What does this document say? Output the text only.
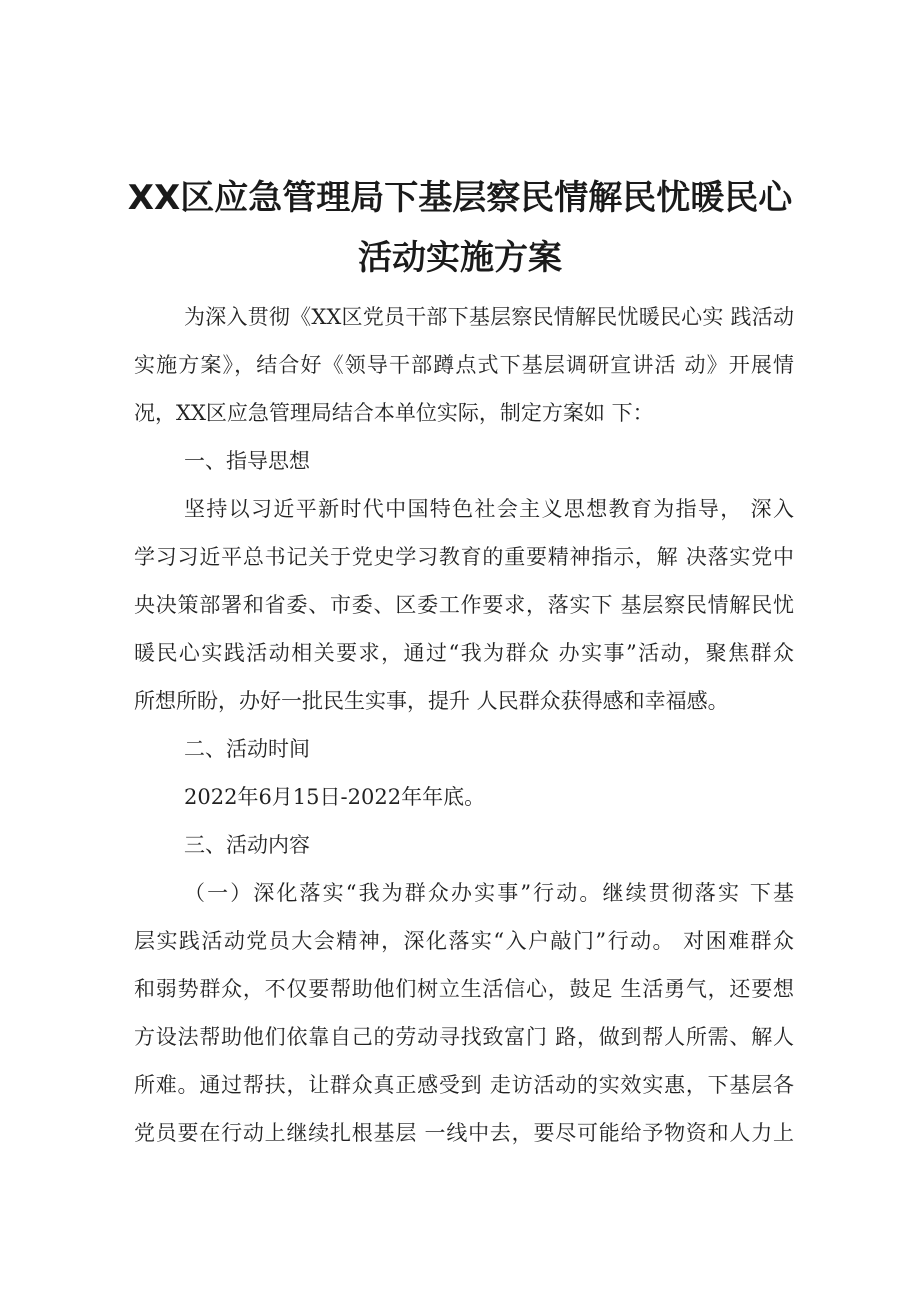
XX区应急管理局下基层察民情解民忧暖民心
活动实施方案
为深入贯彻《XX区党员干部下基层察民情解民忧暖民心实 践活动
实施方案》，结合好《领导干部蹲点式下基层调研宣讲活 动》开展情
况，XX区应急管理局结合本单位实际，制定方案如 下：
一、指导思想
坚持以习近平新时代中国特色社会主义思想教育为指导， 深入
学习习近平总书记关于党史学习教育的重要精神指示，解 决落实党中
央决策部署和省委、市委、区委工作要求，落实下 基层察民情解民忧
暖民心实践活动相关要求，通过“我为群众 办实事”活动，聚焦群众
所想所盼，办好一批民生实事，提升 人民群众获得感和幸福感。
二、活动时间
2022年6月15日-2022年年底。
三、活动内容
（一）深化落实“我为群众办实事”行动。继续贯彻落实 下基
层实践活动党员大会精神，深化落实“入户敲门”行动。 对困难群众
和弱势群众，不仅要帮助他们树立生活信心，鼓足 生活勇气，还要想
方设法帮助他们依靠自己的劳动寻找致富门 路，做到帮人所需、解人
所难。通过帮扶，让群众真正感受到 走访活动的实效实惠，下基层各
党员要在行动上继续扎根基层 一线中去，要尽可能给予物资和人力上
